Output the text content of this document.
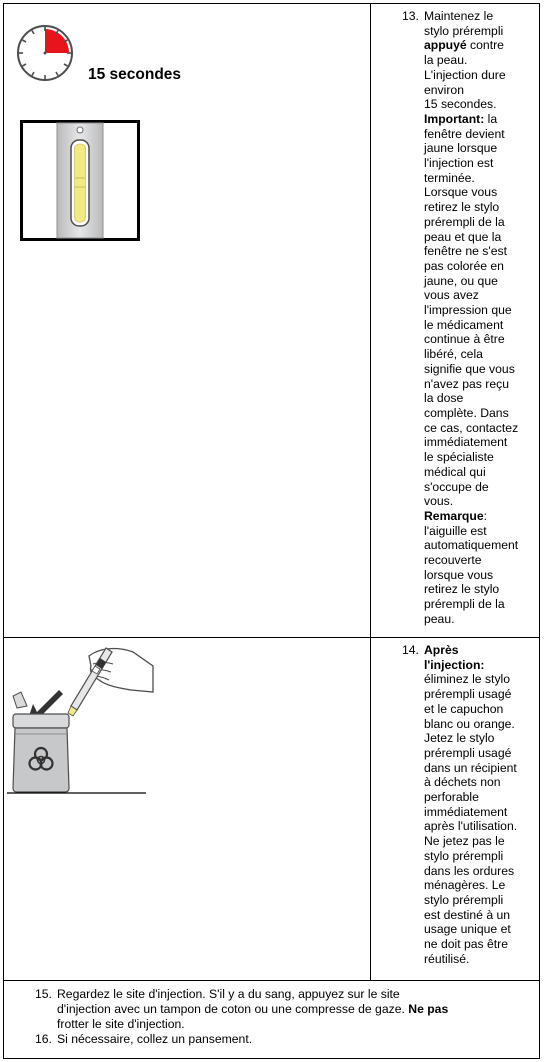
15 secondes
13. Maintenez le
stylo prérempli
appuyé contre
la peau.
L'injection dure
environ
15 secondes.
Important: la
fenêtre devient
jaune lorsque
l'injection est
terminée.
Lorsque vous
retirez le stylo
prérempli de la
peau et que la
fenêtre ne s'est
pas colorée en
jaune, ou que
vous avez
l'impression que
le médicament
continue à être
libéré, cela
signifie que vous
n'avez pas reçu
la dose
complète. Dans
ce cas, contactez
immédiatement
le spécialiste
médical qui
s'occupe de
vous.
Remarque:
l'aiguille est
automatiquement
recouverte
lorsque vous
retirez le stylo
prérempli de la
peau.
14. Après
l'injection:
éliminez le stylo
prérempli usagé
et le capuchon
blanc ou orange.
Jetez le stylo
prérempli usagé
dans un récipient
à déchets non
perforable
immédiatement
après l'utilisation.
Ne jetez pas le
stylo prérempli
dans les ordures
ménagères. Le
stylo prérempli
est destiné à un
usage unique et
ne doit pas être
réutilisé.
15. Regardez le site d'injection. S'il y a du sang, appuyez sur le site
d'injection avec un tampon de coton ou une compresse de gaze. Ne pas
frotter le site d'injection.
16. Si nécessaire, collez un pansement.
